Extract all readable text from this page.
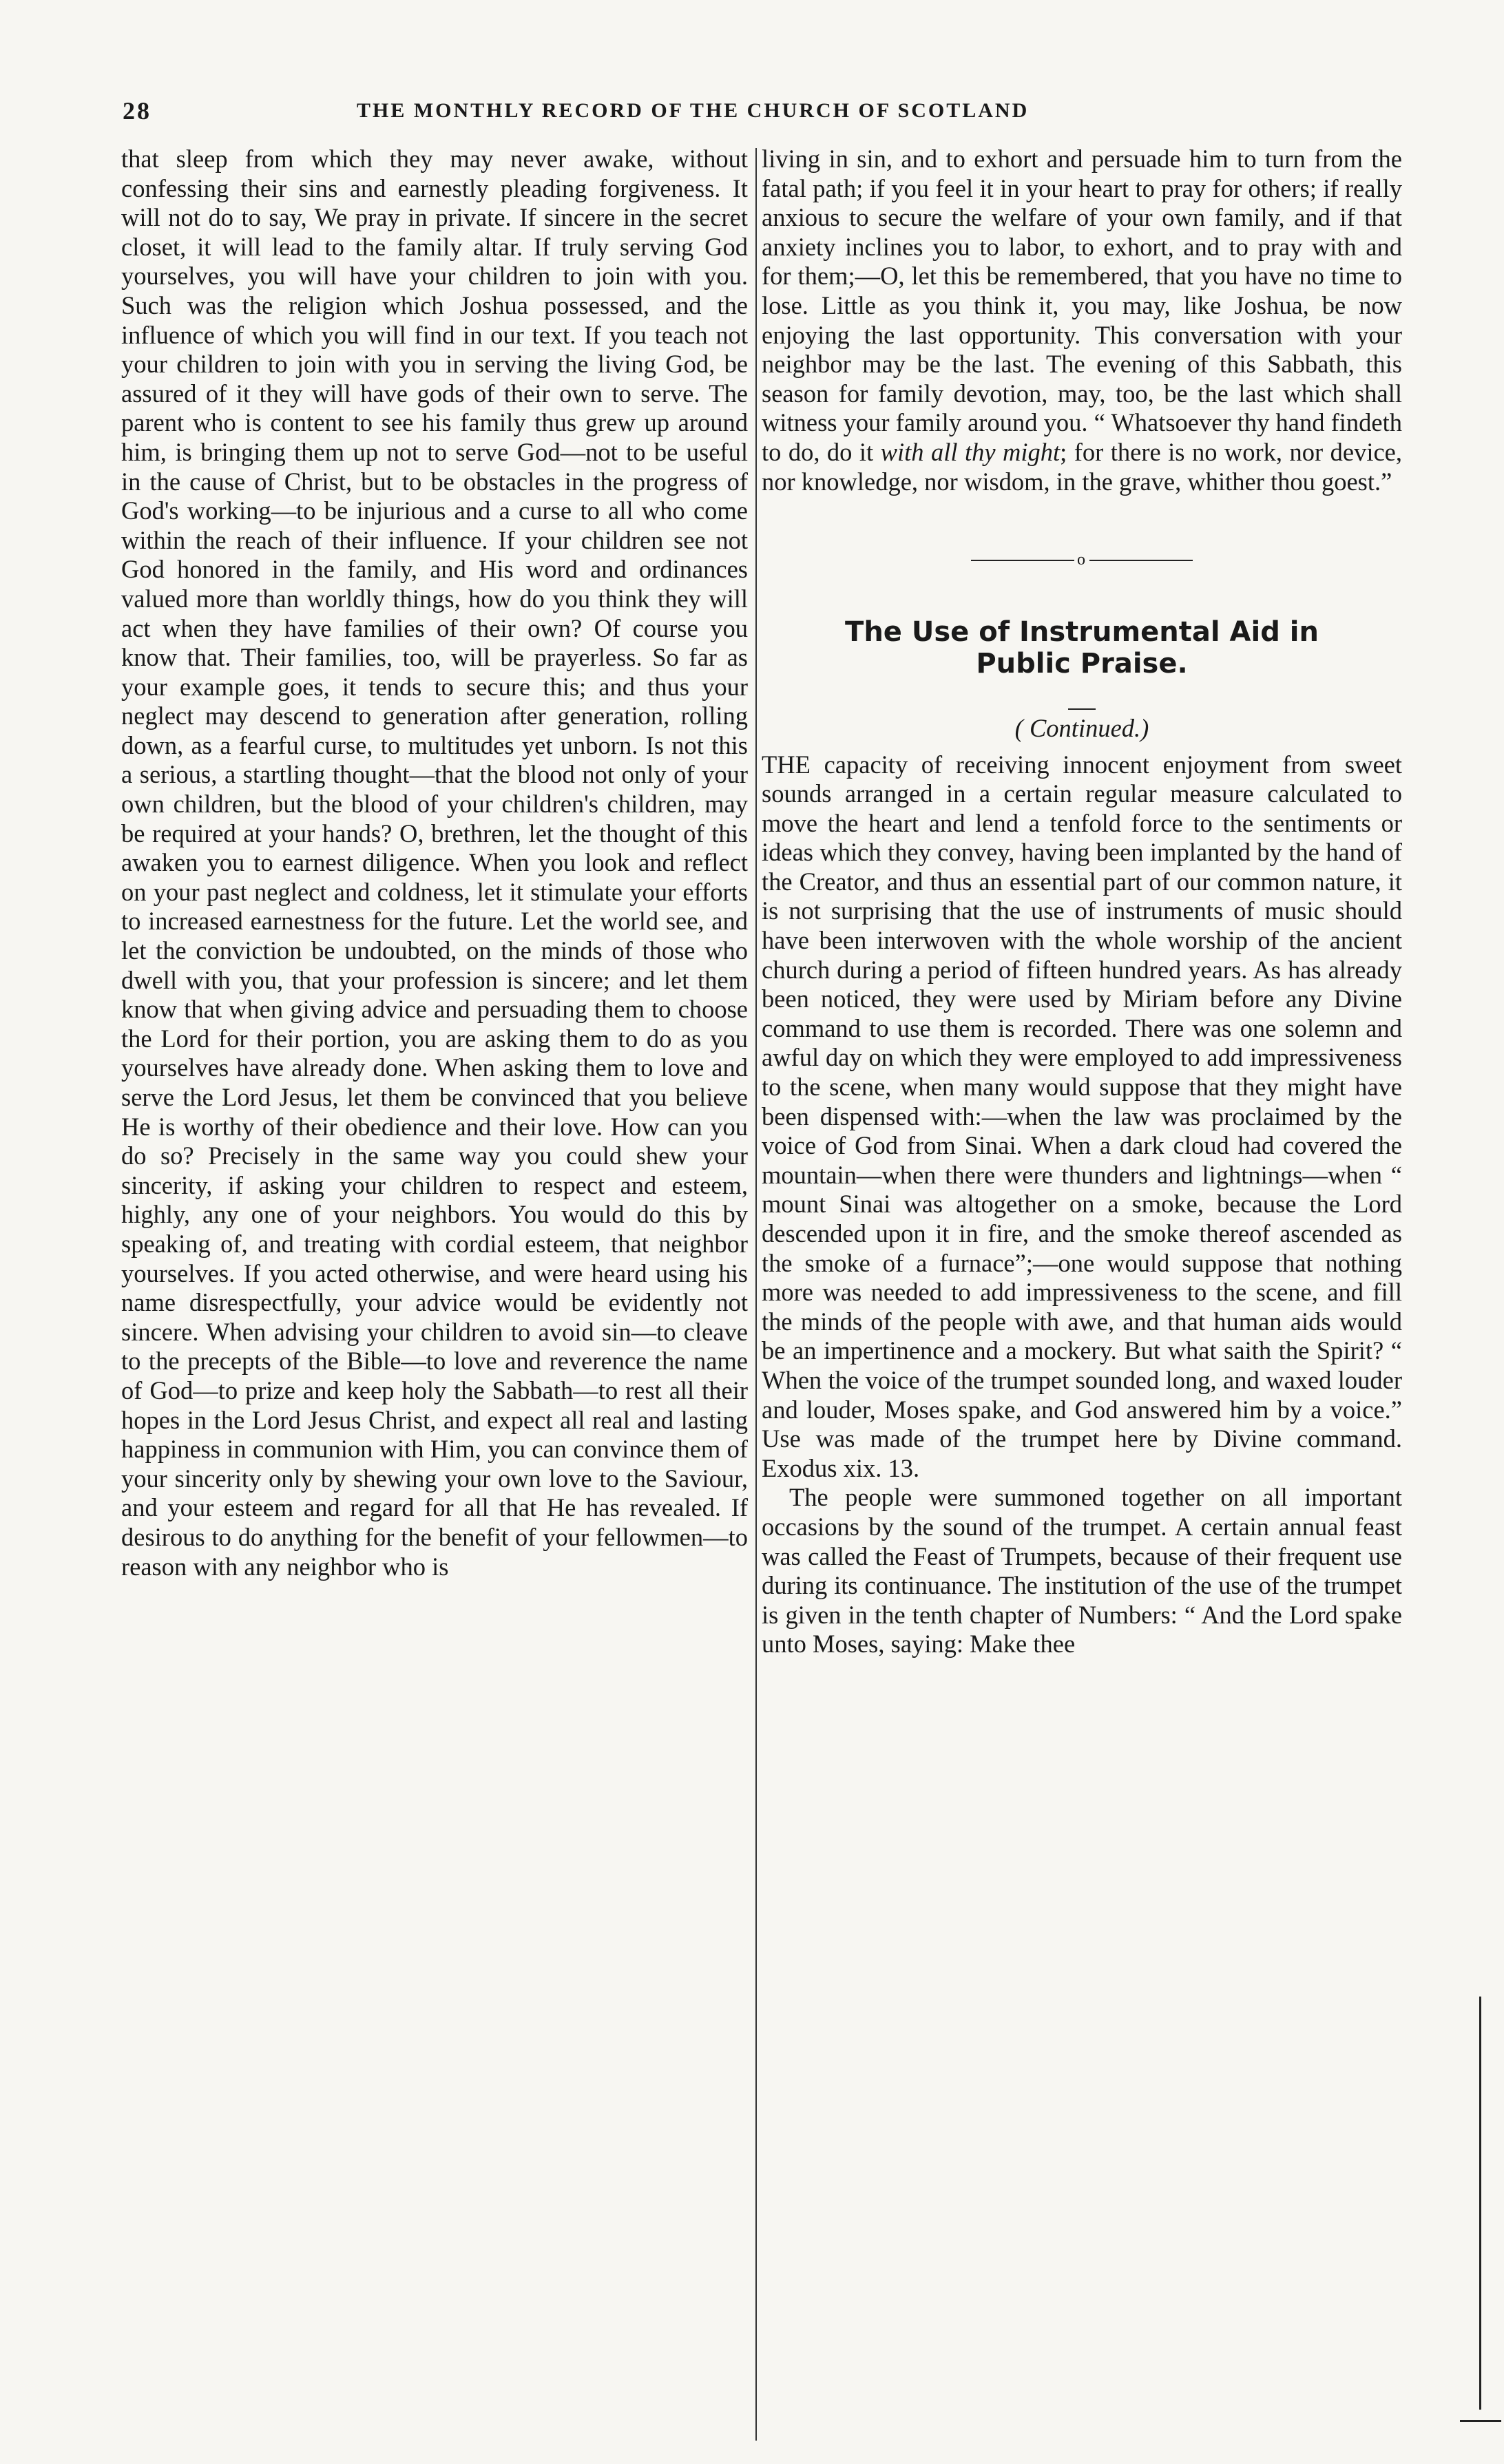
28	THE MONTHLY RECORD OF THE CHURCH OF SCOTLAND

that sleep from which they may never awake, without confessing their sins and earnestly pleading forgiveness. It will not do to say, We pray in private. If sincere in the secret closet, it will lead to the family altar. If truly serving God yourselves, you will have your children to join with you. Such was the religion which Joshua possessed, and the influence of which you will find in our text. If you teach not your children to join with you in serving the living God, be assured of it they will have gods of their own to serve. The parent who is content to see his family thus grew up around him, is bringing them up not to serve God—not to be useful in the cause of Christ, but to be obstacles in the progress of God's working—to be injurious and a curse to all who come within the reach of their influence. If your children see not God honored in the family, and His word and ordinances valued more than worldly things, how do you think they will act when they have families of their own? Of course you know that. Their families, too, will be prayerless. So far as your example goes, it tends to secure this; and thus your neglect may descend to generation after generation, rolling down, as a fearful curse, to multitudes yet unborn. Is not this a serious, a startling thought—that the blood not only of your own children, but the blood of your children's children, may be required at your hands? O, brethren, let the thought of this awaken you to earnest diligence. When you look and reflect on your past neglect and coldness, let it stimulate your efforts to increased earnestness for the future. Let the world see, and let the conviction be undoubted, on the minds of those who dwell with you, that your profession is sincere; and let them know that when giving advice and persuading them to choose the Lord for their portion, you are asking them to do as you yourselves have already done. When asking them to love and serve the Lord Jesus, let them be convinced that you believe He is worthy of their obedience and their love. How can you do so? Precisely in the same way you could shew your sincerity, if asking your children to respect and esteem, highly, any one of your neighbors. You would do this by speaking of, and treating with cordial esteem, that neighbor yourselves. If you acted otherwise, and were heard using his name disrespectfully, your advice would be evidently not sincere. When advising your children to avoid sin—to cleave to the precepts of the Bible—to love and reverence the name of God—to prize and keep holy the Sabbath—to rest all their hopes in the Lord Jesus Christ, and expect all real and lasting happiness in communion with Him, you can convince them of your sincerity only by shewing your own love to the Saviour, and your esteem and regard for all that He has revealed. If desirous to do anything for the benefit of your fellowmen—to reason with any neighbor who is

living in sin, and to exhort and persuade him to turn from the fatal path; if you feel it in your heart to pray for others; if really anxious to secure the welfare of your own family, and if that anxiety inclines you to labor, to exhort, and to pray with and for them;—O, let this be remembered, that you have no time to lose. Little as you think it, you may, like Joshua, be now enjoying the last opportunity. This conversation with your neighbor may be the last. The evening of this Sabbath, this season for family devotion, may, too, be the last which shall witness your family around you. “ Whatsoever thy hand findeth to do, do it with all thy might; for there is no work, nor device, nor knowledge, nor wisdom, in the grave, whither thou goest.”

o
The Use of Instrumental Aid in
Public Praise.
( Continued.)

THE capacity of receiving innocent enjoyment from sweet sounds arranged in a certain regular measure calculated to move the heart and lend a tenfold force to the sentiments or ideas which they convey, having been implanted by the hand of the Creator, and thus an essential part of our common nature, it is not surprising that the use of instruments of music should have been interwoven with the whole worship of the ancient church during a period of fifteen hundred years. As has already been noticed, they were used by Miriam before any Divine command to use them is recorded. There was one solemn and awful day on which they were employed to add impressiveness to the scene, when many would suppose that they might have been dispensed with:—when the law was proclaimed by the voice of God from Sinai. When a dark cloud had covered the mountain—when there were thunders and lightnings—when “ mount Sinai was altogether on a smoke, because the Lord descended upon it in fire, and the smoke thereof ascended as the smoke of a furnace”;—one would suppose that nothing more was needed to add impressiveness to the scene, and fill the minds of the people with awe, and that human aids would be an impertinence and a mockery. But what saith the Spirit? “ When the voice of the trumpet sounded long, and waxed louder and louder, Moses spake, and God answered him by a voice.” Use was made of the trumpet here by Divine command. Exodus xix. 13.

The people were summoned together on all important occasions by the sound of the trumpet. A certain annual feast was called the Feast of Trumpets, because of their frequent use during its continuance. The institution of the use of the trumpet is given in the tenth chapter of Numbers: “ And the Lord spake unto Moses, saying: Make thee
